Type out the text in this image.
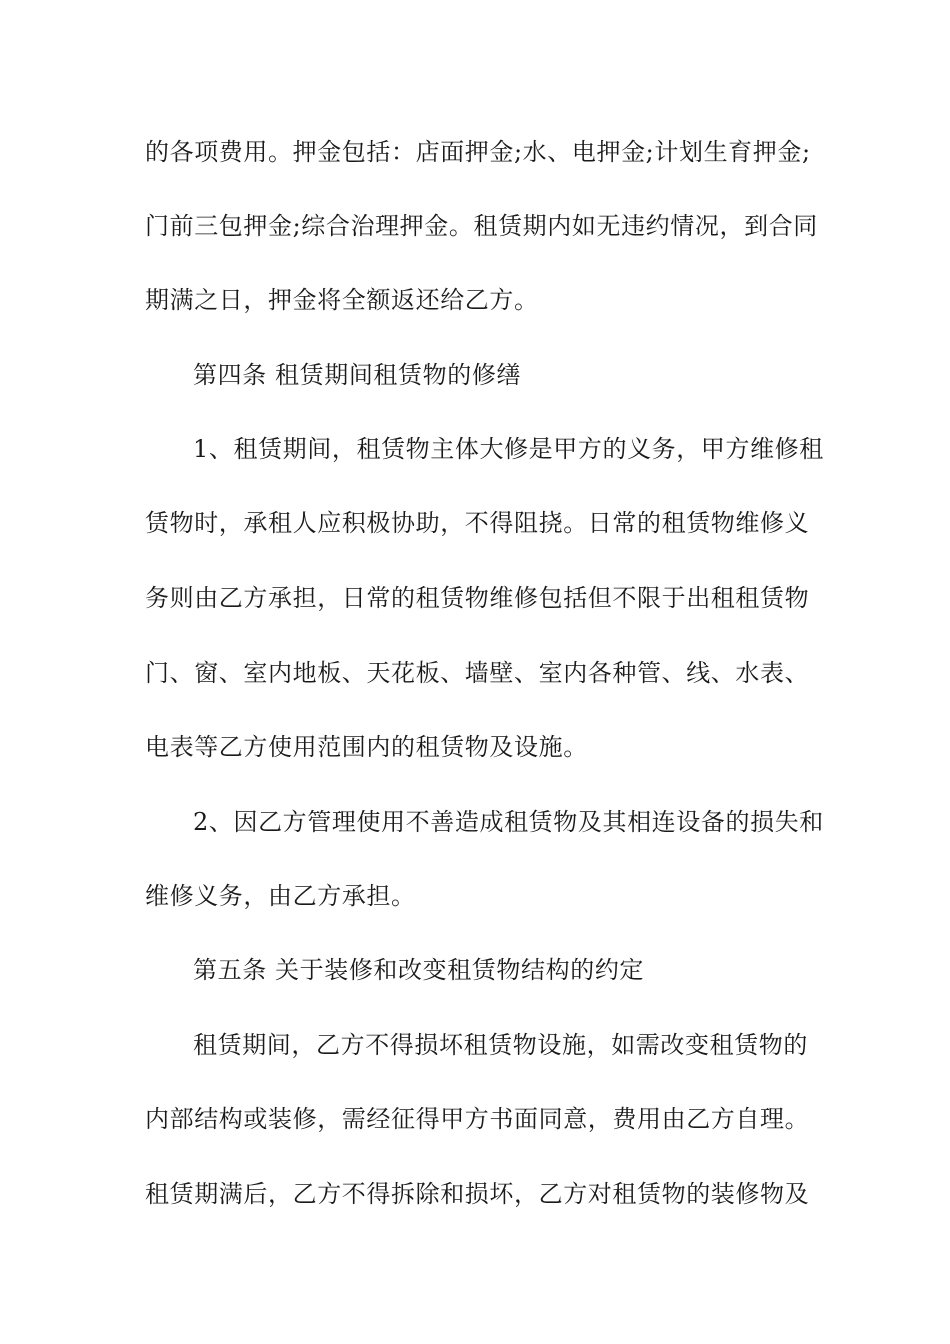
的各项费用。押金包括：店面押金;水、电押金;计划生育押金;
门前三包押金;综合治理押金。租赁期内如无违约情况，到合同
期满之日，押金将全额返还给乙方。
第四条 租赁期间租赁物的修缮
1、租赁期间，租赁物主体大修是甲方的义务，甲方维修租
赁物时，承租人应积极协助，不得阻挠。日常的租赁物维修义
务则由乙方承担，日常的租赁物维修包括但不限于出租租赁物
门、窗、室内地板、天花板、墙壁、室内各种管、线、水表、
电表等乙方使用范围内的租赁物及设施。
2、因乙方管理使用不善造成租赁物及其相连设备的损失和
维修义务，由乙方承担。
第五条 关于装修和改变租赁物结构的约定
租赁期间，乙方不得损坏租赁物设施，如需改变租赁物的
内部结构或装修，需经征得甲方书面同意，费用由乙方自理。
租赁期满后，乙方不得拆除和损坏，乙方对租赁物的装修物及
